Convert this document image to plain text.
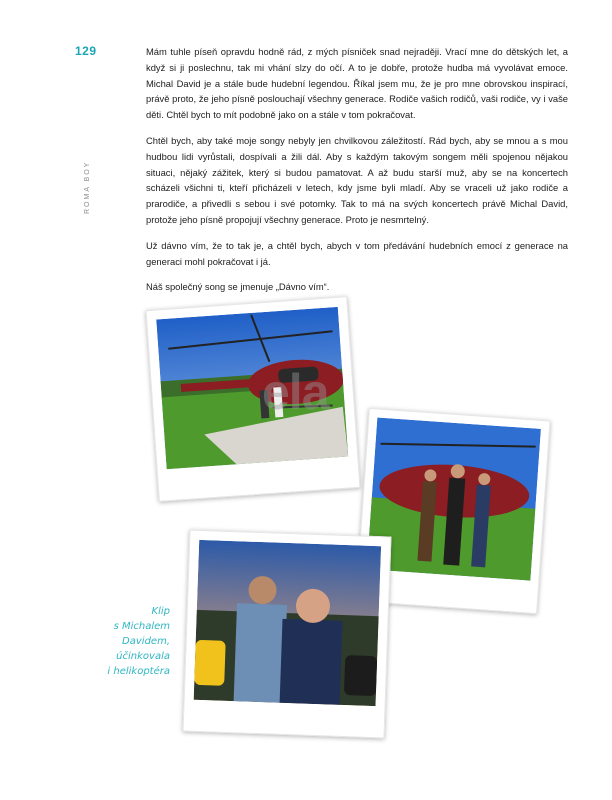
129
ROMA BOY

Mám tuhle píseň opravdu hodně rád, z mých písniček snad nejraději. Vrací mne do dětských let, a když si ji poslechnu, tak mi vhání slzy do očí. A to je dobře, protože hudba má vyvolávat emoce. Michal David je a stále bude hudební legendou. Říkal jsem mu, že je pro mne obrovskou inspirací, právě proto, že jeho písně poslouchají všechny generace. Rodiče vašich rodičů, vaši rodiče, vy i vaše děti. Chtěl bych to mít podobně jako on a stále v tom pokračovat.

Chtěl bych, aby také moje songy nebyly jen chvilkovou záležitostí. Rád bych, aby se mnou a s mou hudbou lidi vyrůstali, dospívali a žili dál. Aby s každým takovým songem měli spojenou nějakou situaci, nějaký zážitek, který si budou pamatovat. A až budu starší muž, aby se na koncertech scházeli všichni ti, kteří přicházeli v letech, kdy jsme byli mladí. Aby se vraceli už jako rodiče a prarodiče, a přivedli s sebou i své potomky. Tak to má na svých koncertech právě Michal David, protože jeho písně propojují všechny generace. Proto je nesmrtelný.

Už dávno vím, že to tak je, a chtěl bych, abych v tom předávání hudebních emocí z generace na generaci mohl pokračovat i já.

Náš společný song se jmenuje „Dávno vím“.

Klip
s Michalem
Davidem,
účinkovala
i helikoptéra
ela
